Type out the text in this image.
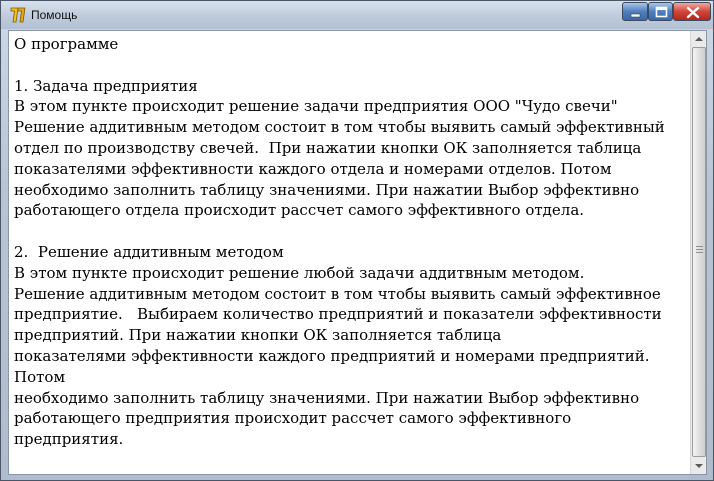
Помощь
О программе
1. Задача предприятия
В этом пункте происходит решение задачи предприятия ООО "Чудо свечи"
Решение аддитивным методом состоит в том чтобы выявить самый эффективный
отдел по производству свечей.  При нажатии кнопки ОК заполняется таблица
показателями эффективности каждого отдела и номерами отделов. Потом
необходимо заполнить таблицу значениями. При нажатии Выбор эффективно
работающего отдела происходит рассчет самого эффективного отдела.
2.  Решение аддитивным методом
В этом пункте происходит решение любой задачи аддитвным методом.
Решение аддитивным методом состоит в том чтобы выявить самый эффективное
предприятие.   Выбираем количество предприятий и показатели эффективности
предприятий. При нажатии кнопки ОК заполняется таблица
показателями эффективности каждого предприятий и номерами предприятий.
Потом
необходимо заполнить таблицу значениями. При нажатии Выбор эффективно
работающего предприятия происходит рассчет самого эффективного
предприятия.
